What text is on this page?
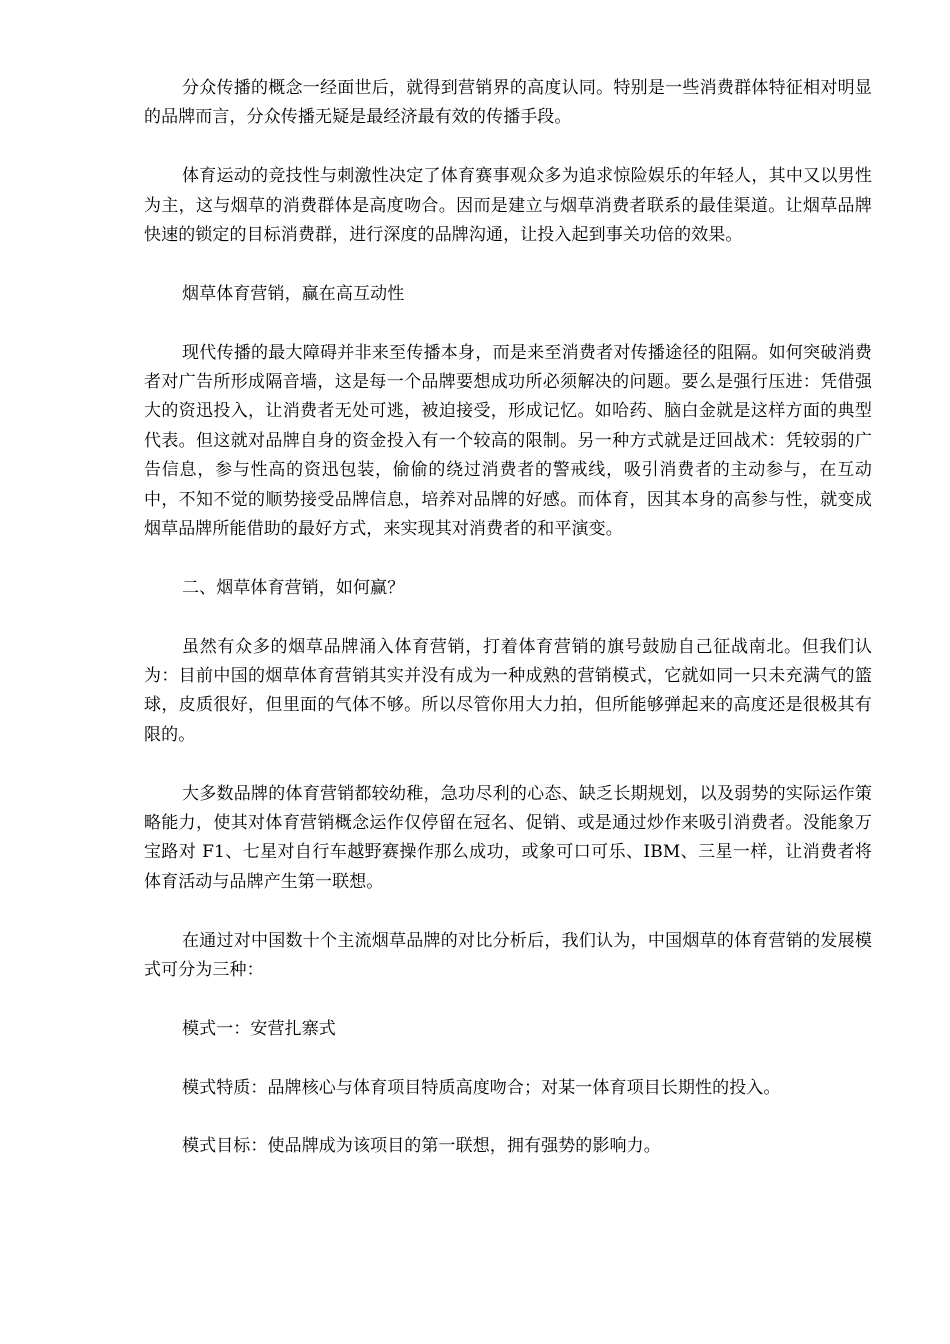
分众传播的概念一经面世后，就得到营销界的高度认同。特别是一些消费群体特征相对明显的品牌而言，分众传播无疑是最经济最有效的传播手段。

体育运动的竞技性与刺激性决定了体育赛事观众多为追求惊险娱乐的年轻人，其中又以男性为主，这与烟草的消费群体是高度吻合。因而是建立与烟草消费者联系的最佳渠道。让烟草品牌快速的锁定的目标消费群，进行深度的品牌沟通，让投入起到事关功倍的效果。

烟草体育营销，赢在高互动性

现代传播的最大障碍并非来至传播本身，而是来至消费者对传播途径的阻隔。如何突破消费者对广告所形成隔音墙，这是每一个品牌要想成功所必须解决的问题。要么是强行压进：凭借强大的资迅投入，让消费者无处可逃，被迫接受，形成记忆。如哈药、脑白金就是这样方面的典型代表。但这就对品牌自身的资金投入有一个较高的限制。另一种方式就是迂回战术：凭较弱的广告信息，参与性高的资迅包装，偷偷的绕过消费者的警戒线，吸引消费者的主动参与，在互动中，不知不觉的顺势接受品牌信息，培养对品牌的好感。而体育，因其本身的高参与性，就变成烟草品牌所能借助的最好方式，来实现其对消费者的和平演变。

二、烟草体育营销，如何赢？

虽然有众多的烟草品牌涌入体育营销，打着体育营销的旗号鼓励自己征战南北。但我们认为：目前中国的烟草体育营销其实并没有成为一种成熟的营销模式，它就如同一只未充满气的篮球，皮质很好，但里面的气体不够。所以尽管你用大力拍，但所能够弹起来的高度还是很极其有限的。

大多数品牌的体育营销都较幼稚，急功尽利的心态、缺乏长期规划，以及弱势的实际运作策略能力，使其对体育营销概念运作仅停留在冠名、促销、或是通过炒作来吸引消费者。没能象万宝路对 F1、七星对自行车越野赛操作那么成功，或象可口可乐、IBM、三星一样，让消费者将体育活动与品牌产生第一联想。

在通过对中国数十个主流烟草品牌的对比分析后，我们认为，中国烟草的体育营销的发展模式可分为三种：

模式一：安营扎寨式

模式特质：品牌核心与体育项目特质高度吻合；对某一体育项目长期性的投入。

模式目标：使品牌成为该项目的第一联想，拥有强势的影响力。
